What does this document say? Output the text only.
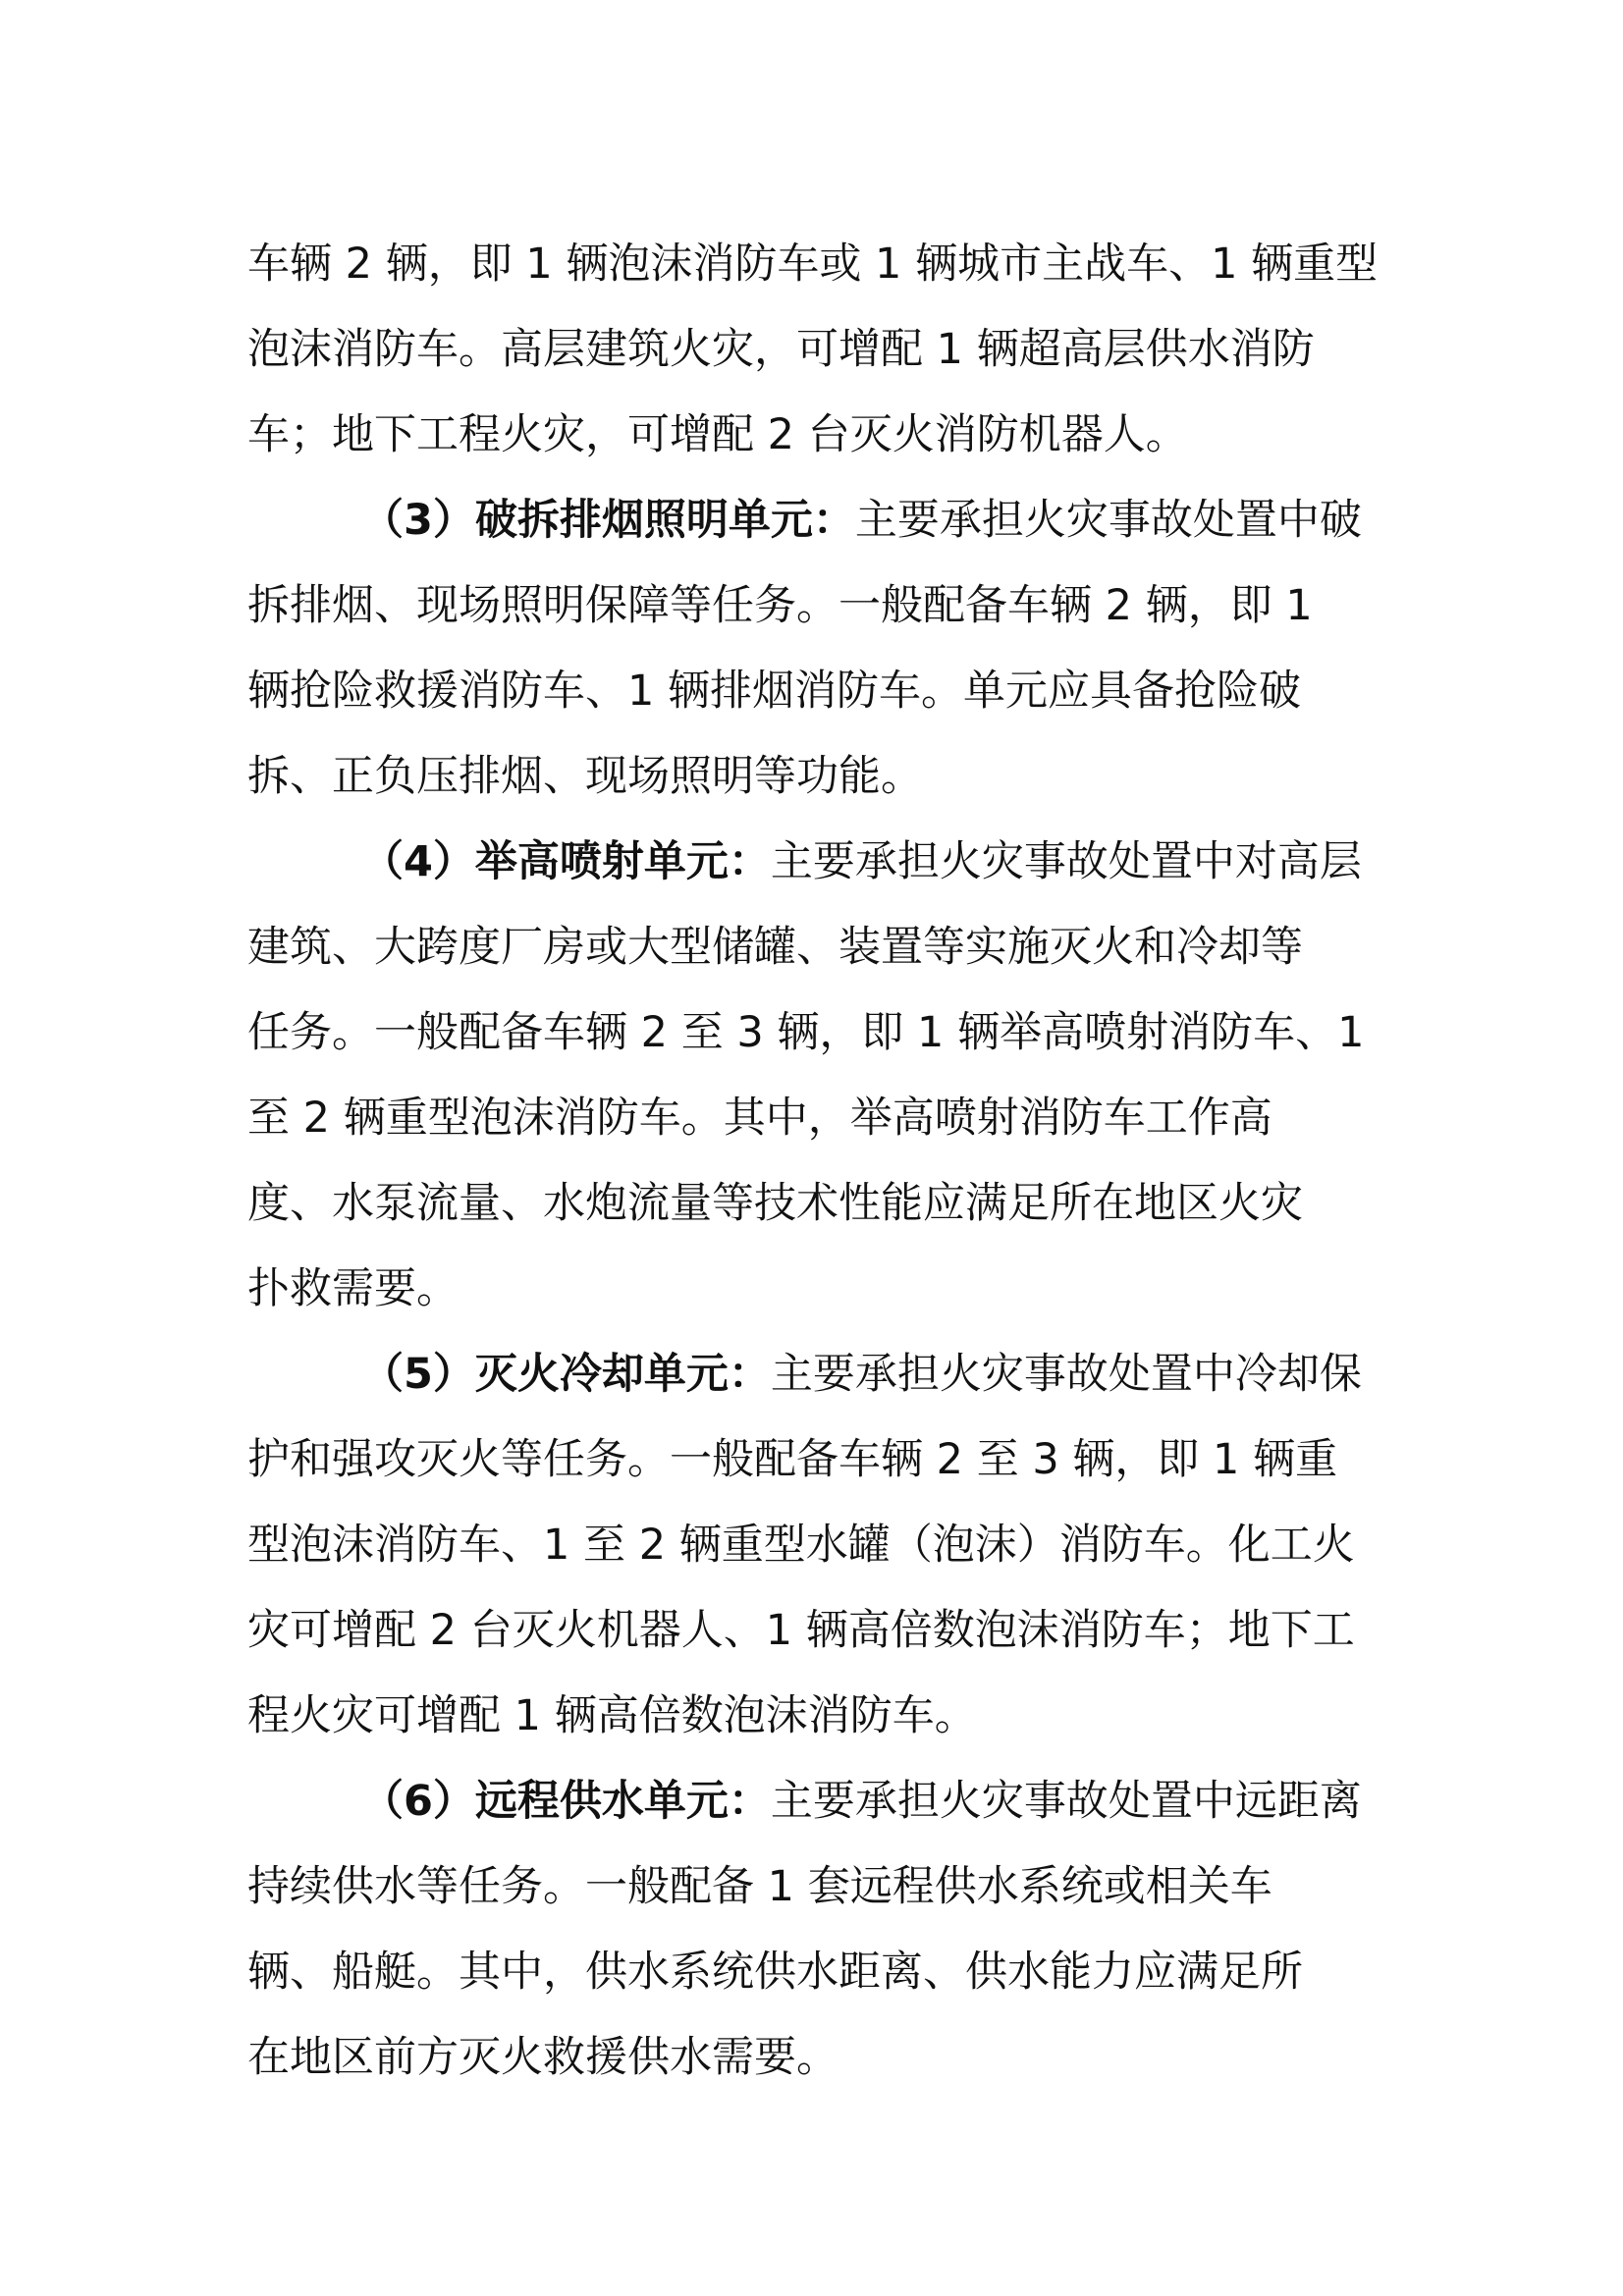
车辆 2 辆，即 1 辆泡沫消防车或 1 辆城市主战车、1 辆重型
泡沫消防车。高层建筑火灾，可增配 1 辆超高层供水消防
车；地下工程火灾，可增配 2 台灭火消防机器人。
（3）破拆排烟照明单元：主要承担火灾事故处置中破
拆排烟、现场照明保障等任务。一般配备车辆 2 辆，即 1
辆抢险救援消防车、1 辆排烟消防车。单元应具备抢险破
拆、正负压排烟、现场照明等功能。
（4）举高喷射单元：主要承担火灾事故处置中对高层
建筑、大跨度厂房或大型储罐、装置等实施灭火和冷却等
任务。一般配备车辆 2 至 3 辆，即 1 辆举高喷射消防车、1
至 2 辆重型泡沫消防车。其中，举高喷射消防车工作高
度、水泵流量、水炮流量等技术性能应满足所在地区火灾
扑救需要。
（5）灭火冷却单元：主要承担火灾事故处置中冷却保
护和强攻灭火等任务。一般配备车辆 2 至 3 辆，即 1 辆重
型泡沫消防车、1 至 2 辆重型水罐（泡沫）消防车。化工火
灾可增配 2 台灭火机器人、1 辆高倍数泡沫消防车；地下工
程火灾可增配 1 辆高倍数泡沫消防车。
（6）远程供水单元：主要承担火灾事故处置中远距离
持续供水等任务。一般配备 1 套远程供水系统或相关车
辆、船艇。其中，供水系统供水距离、供水能力应满足所
在地区前方灭火救援供水需要。
